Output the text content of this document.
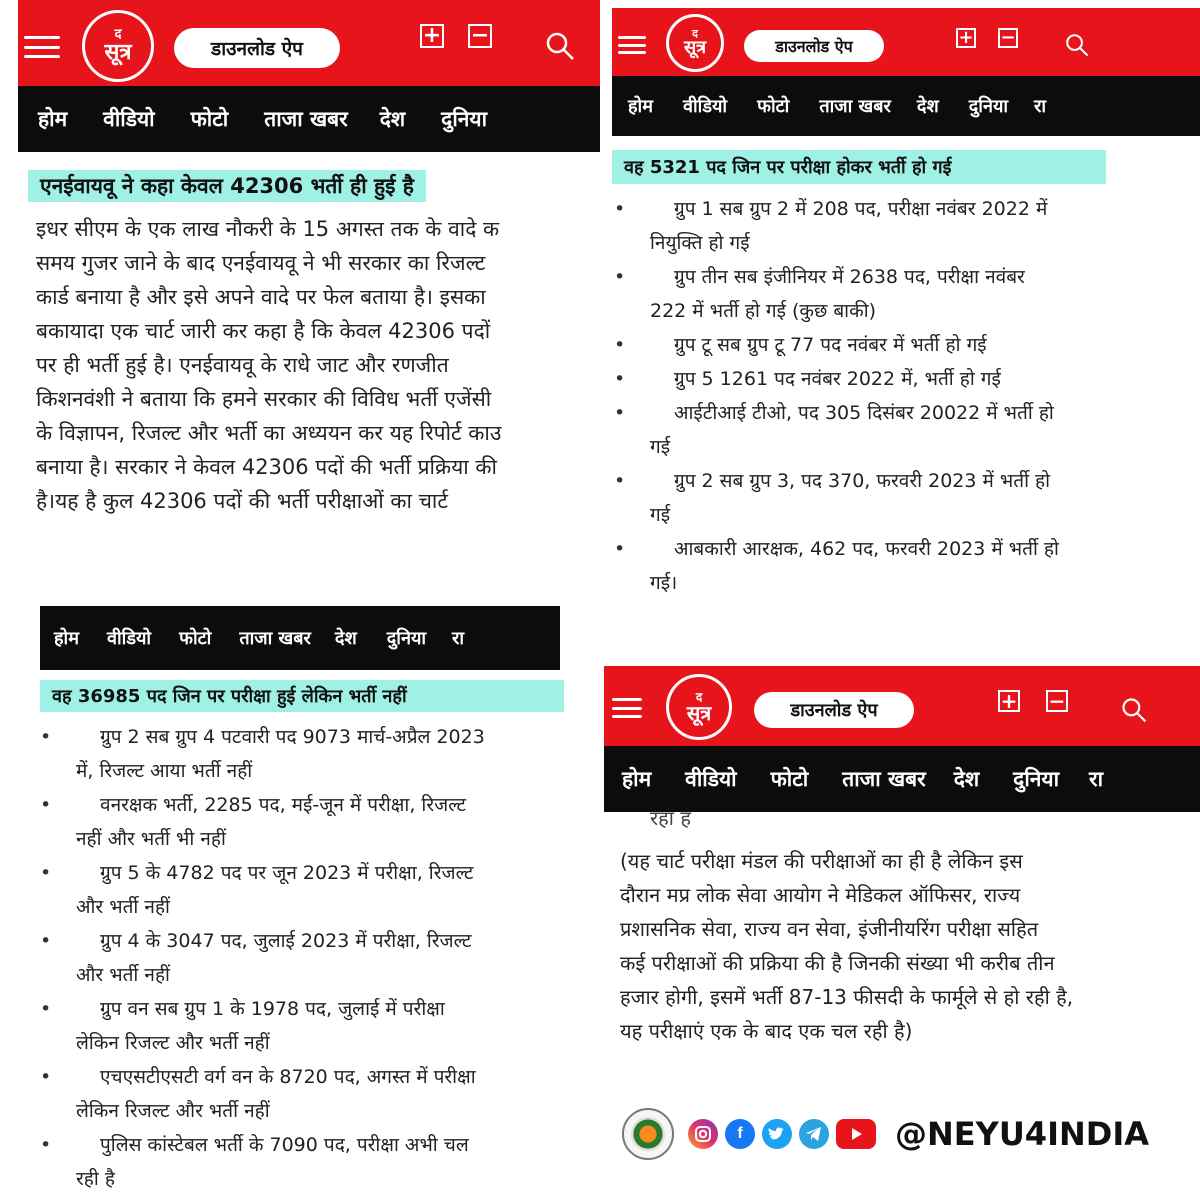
द
सूत्र	डाउनलोड ऐप
+ −
होम वीडियो फोटो ताजा खबर देश दुनिया
एनईवायवू ने कहा केवल 42306 भर्ती ही हुई है
इधर सीएम के एक लाख नौकरी के 15 अगस्त तक के वादे क
समय गुजर जाने के बाद एनईवायवू ने भी सरकार का रिजल्ट
कार्ड बनाया है और इसे अपने वादे पर फेल बताया है। इसका
बकायादा एक चार्ट जारी कर कहा है कि केवल 42306 पदों
पर ही भर्ती हुई है। एनईवायवू के राधे जाट और रणजीत
किशनवंशी ने बताया कि हमने सरकार की विविध भर्ती एजेंसी
के विज्ञापन, रिजल्ट और भर्ती का अध्ययन कर यह रिपोर्ट काउ
बनाया है। सरकार ने केवल 42306 पदों की भर्ती प्रक्रिया की
है।यह है कुल 42306 पदों की भर्ती परीक्षाओं का चार्ट
द
सूत्र	डाउनलोड ऐप	+ −
होम वीडियो फोटो ताजा खबर देश दुनिया रा
वह 5321 पद जिन पर परीक्षा होकर भर्ती हो गई
• ग्रुप 1 सब ग्रुप 2 में 208 पद, परीक्षा नवंबर 2022 में
नियुक्ति हो गई
• ग्रुप तीन सब इंजीनियर में 2638 पद, परीक्षा नवंबर
222 में भर्ती हो गई (कुछ बाकी)
• ग्रुप टू सब ग्रुप टू 77 पद नवंबर में भर्ती हो गई
• ग्रुप 5 1261 पद नवंबर 2022 में, भर्ती हो गई
• आईटीआई टीओ, पद 305 दिसंबर 20022 में भर्ती हो
गई
• ग्रुप 2 सब ग्रुप 3, पद 370, फरवरी 2023 में भर्ती हो
गई
• आबकारी आरक्षक, 462 पद, फरवरी 2023 में भर्ती हो
गई।
होम वीडियो फोटो ताजा खबर देश दुनिया रा
वह 36985 पद जिन पर परीक्षा हुई लेकिन भर्ती नहीं
• ग्रुप 2 सब ग्रुप 4 पटवारी पद 9073 मार्च-अप्रैल 2023
में, रिजल्ट आया भर्ती नहीं
• वनरक्षक भर्ती, 2285 पद, मई-जून में परीक्षा, रिजल्ट
नहीं और भर्ती भी नहीं
• ग्रुप 5 के 4782 पद पर जून 2023 में परीक्षा, रिजल्ट
और भर्ती नहीं
• ग्रुप 4 के 3047 पद, जुलाई 2023 में परीक्षा, रिजल्ट
और भर्ती नहीं
• ग्रुप वन सब ग्रुप 1 के 1978 पद, जुलाई में परीक्षा
लेकिन रिजल्ट और भर्ती नहीं
• एचएसटीएसटी वर्ग वन के 8720 पद, अगस्त में परीक्षा
लेकिन रिजल्ट और भर्ती नहीं
• पुलिस कांस्टेबल भर्ती के 7090 पद, परीक्षा अभी चल
रही है
द
सूत्र	डाउनलोड ऐप	+ −
होम वीडियो फोटो ताजा खबर देश दुनिया रा
रहा ह
(यह चार्ट परीक्षा मंडल की परीक्षाओं का ही है लेकिन इस
दौरान मप्र लोक सेवा आयोग ने मेडिकल ऑफिसर, राज्य
प्रशासनिक सेवा, राज्य वन सेवा, इंजीनीयरिंग परीक्षा सहित
कई परीक्षाओं की प्रक्रिया की है जिनकी संख्या भी करीब तीन
हजार होगी, इसमें भर्ती 87-13 फीसदी के फार्मूले से हो रही है,
यह परीक्षाएं एक के बाद एक चल रही है)
f	@NEYU4INDIA
